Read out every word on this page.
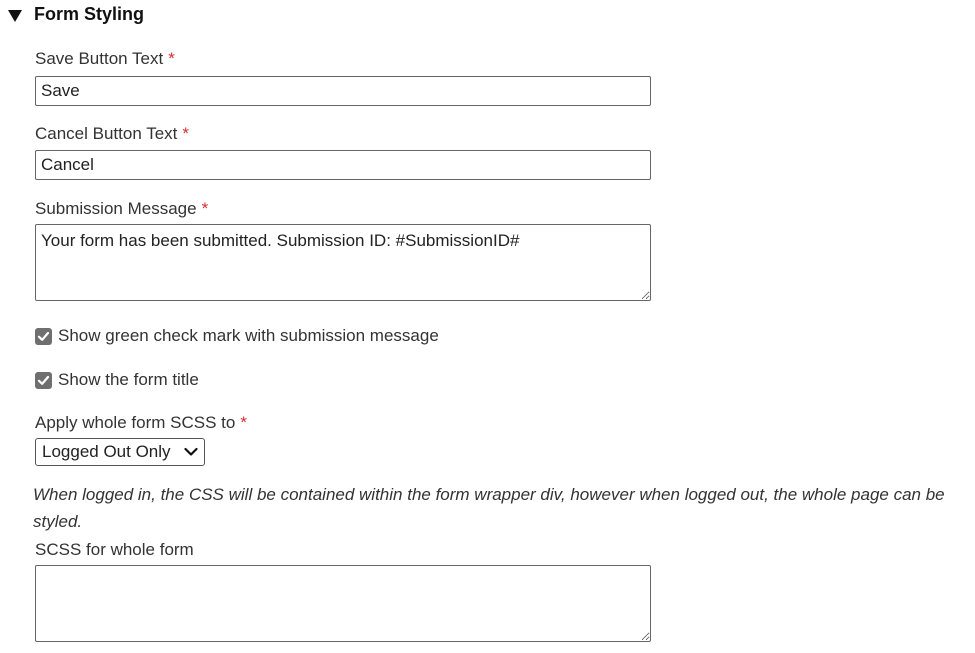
Form Styling
Save Button Text *
Save
Cancel Button Text *
Cancel
Submission Message *
Your form has been submitted. Submission ID: #SubmissionID#
Show green check mark with submission message
Show the form title
Apply whole form SCSS to *
Logged Out Only
When logged in, the CSS will be contained within the form wrapper div, however when logged out, the whole page can be styled.
SCSS for whole form
